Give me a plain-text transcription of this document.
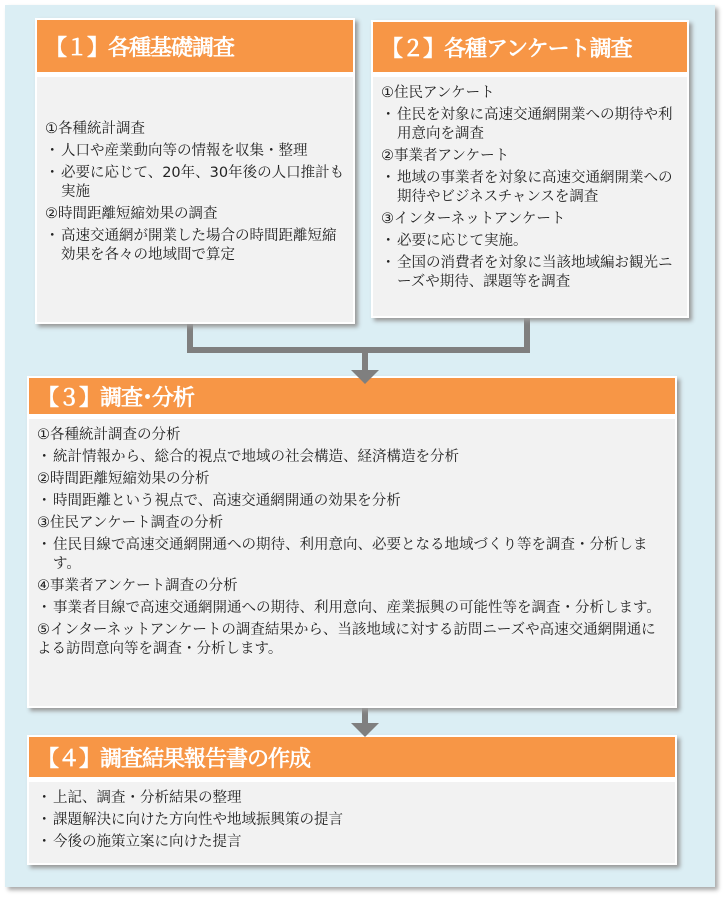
【１】各種基礎調査
①各種統計調査
・ 人口や産業動向等の情報を収集・整理
・ 必要に応じて、20年、30年後の人口推計も実施
②時間距離短縮効果の調査
・ 高速交通網が開業した場合の時間距離短縮効果を各々の地域間で算定
【２】各種アンケート調査
①住民アンケート
・ 住民を対象に高速交通網開業への期待や利用意向を調査
②事業者アンケート
・ 地域の事業者を対象に高速交通網開業への期待やビジネスチャンスを調査
③インターネットアンケート
・ 必要に応じて実施。
・ 全国の消費者を対象に当該地域編お観光ニーズや期待、課題等を調査
【３】調査･分析
①各種統計調査の分析
・ 統計情報から、総合的視点で地域の社会構造、経済構造を分析
②時間距離短縮効果の分析
・ 時間距離という視点で、高速交通網開通の効果を分析
③住民アンケート調査の分析
・ 住民目線で高速交通網開通への期待、利用意向、必要となる地域づくり等を調査・分析します。
④事業者アンケート調査の分析
・ 事業者目線で高速交通網開通への期待、利用意向、産業振興の可能性等を調査・分析します。
⑤インターネットアンケートの調査結果から、当該地域に対する訪問ニーズや高速交通網開通による訪問意向等を調査・分析します。
【４】調査結果報告書の作成
・ 上記、調査・分析結果の整理
・ 課題解決に向けた方向性や地域振興策の提言
・ 今後の施策立案に向けた提言
